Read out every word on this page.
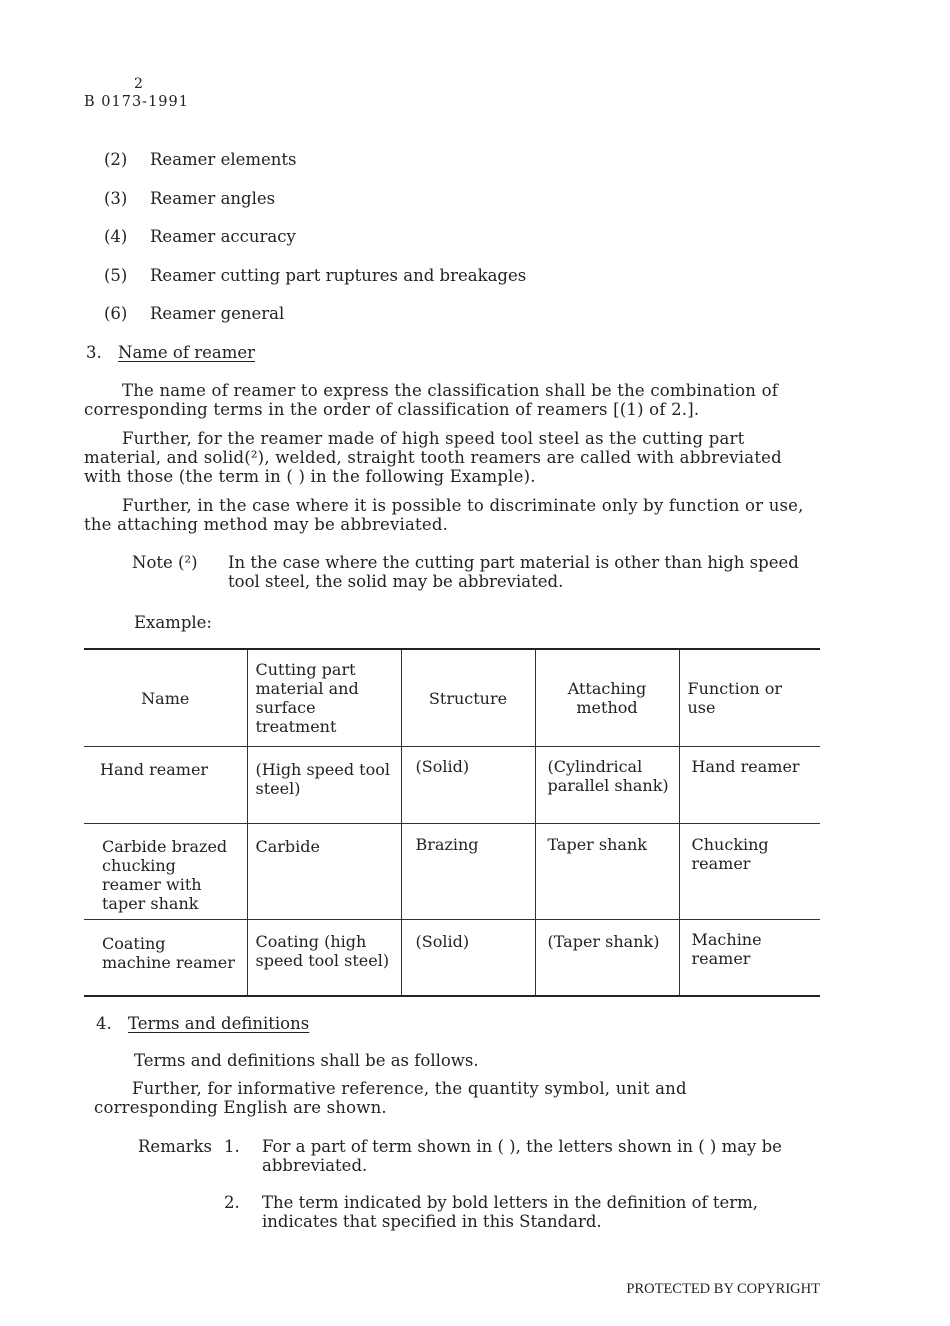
2
B 0173-1991
(2) Reamer elements
(3) Reamer angles
(4) Reamer accuracy
(5) Reamer cutting part ruptures and breakages
(6) Reamer general
3. Name of reamer
The name of reamer to express the classification shall be the combination of corresponding terms in the order of classification of reamers [(1) of 2.].
Further, for the reamer made of high speed tool steel as the cutting part material, and solid(²), welded, straight tooth reamers are called with abbreviated with those (the term in ( ) in the following Example).
Further, in the case where it is possible to discriminate only by function or use, the attaching method may be abbreviated.
Note (²) In the case where the cutting part material is other than high speed tool steel, the solid may be abbreviated.
Example:
Name	Cutting part material and surface treatment	Structure	Attaching method	Function or use
Hand reamer	(High speed tool steel)	(Solid)	(Cylindrical parallel shank)	Hand reamer
Carbide brazed chucking reamer with taper shank	Carbide	Brazing	Taper shank	Chucking reamer
Coating machine reamer	Coating (high speed tool steel)	(Solid)	(Taper shank)	Machine reamer
4. Terms and definitions
Terms and definitions shall be as follows.
Further, for informative reference, the quantity symbol, unit and corresponding English are shown.
Remarks 1. For a part of term shown in ( ), the letters shown in ( ) may be abbreviated.
2. The term indicated by bold letters in the definition of term, indicates that specified in this Standard.
PROTECTED BY COPYRIGHT
